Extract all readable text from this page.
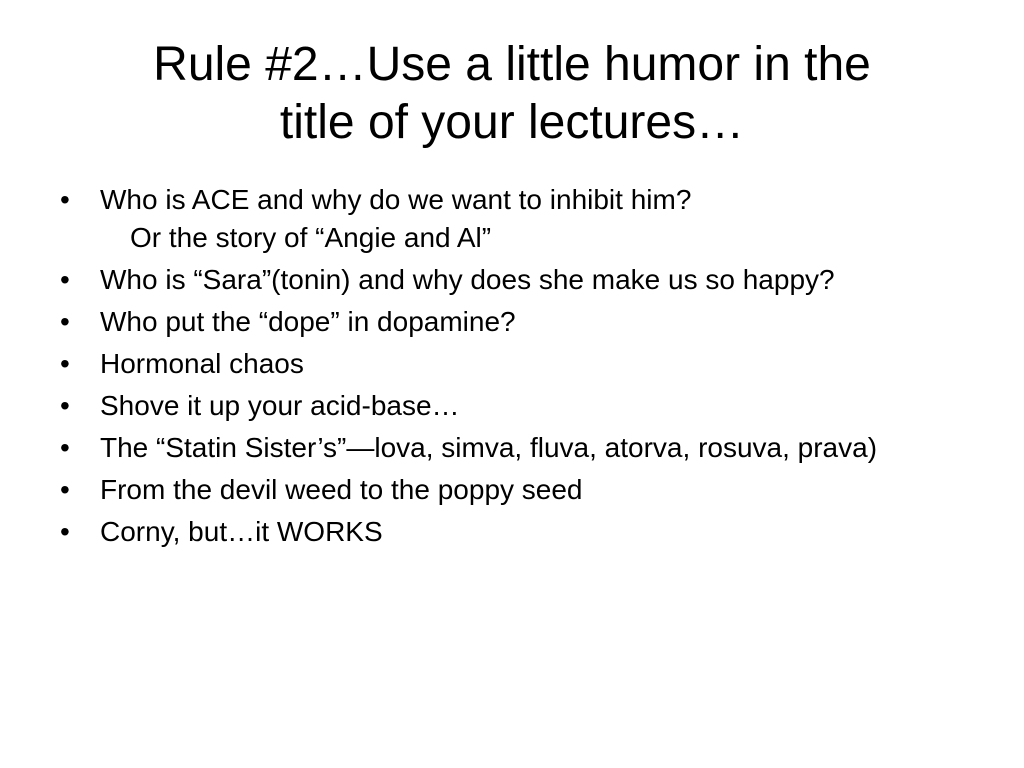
Rule #2…Use a little humor in the
title of your lectures…
• Who is ACE and why do we want to inhibit him?
Or the story of “Angie and Al”
• Who is “Sara”(tonin) and why does she make us so happy?
• Who put the “dope” in dopamine?
• Hormonal chaos
• Shove it up your acid-base…
• The “Statin Sister’s”—lova, simva, fluva, atorva, rosuva, prava)
• From the devil weed to the poppy seed
• Corny, but…it WORKS
